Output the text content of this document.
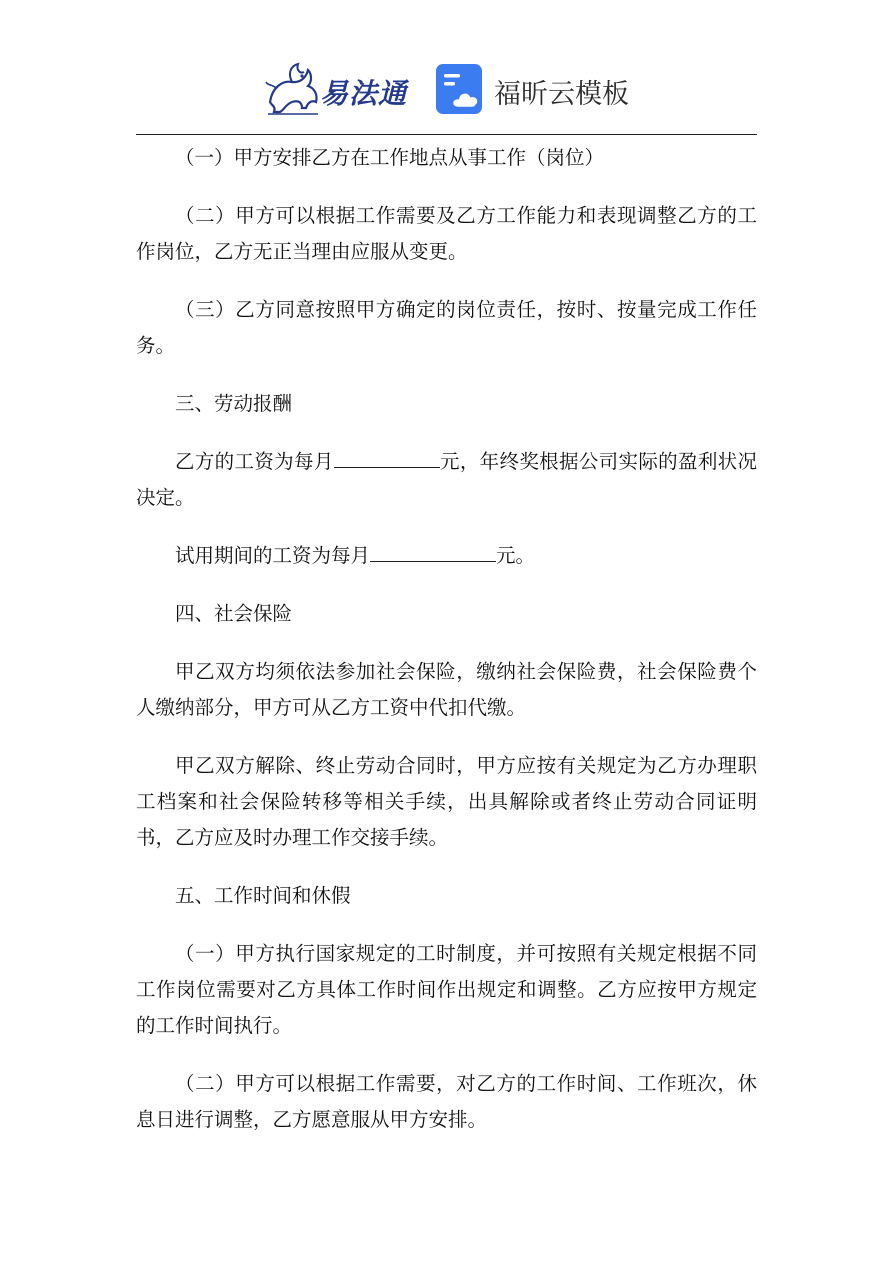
易法通	福昕云模板

（一）甲方安排乙方在工作地点从事工作（岗位）

（二）甲方可以根据工作需要及乙方工作能力和表现调整乙方的工作岗位，乙方无正当理由应服从变更。

（三）乙方同意按照甲方确定的岗位责任，按时、按量完成工作任务。

三、劳动报酬

乙方的工资为每月	元，年终奖根据公司实际的盈利状况决定。

试用期间的工资为每月	元。

四、社会保险

甲乙双方均须依法参加社会保险，缴纳社会保险费，社会保险费个人缴纳部分，甲方可从乙方工资中代扣代缴。

甲乙双方解除、终止劳动合同时，甲方应按有关规定为乙方办理职工档案和社会保险转移等相关手续，出具解除或者终止劳动合同证明书，乙方应及时办理工作交接手续。

五、工作时间和休假

（一）甲方执行国家规定的工时制度，并可按照有关规定根据不同工作岗位需要对乙方具体工作时间作出规定和调整。乙方应按甲方规定的工作时间执行。

（二）甲方可以根据工作需要，对乙方的工作时间、工作班次，休息日进行调整，乙方愿意服从甲方安排。
